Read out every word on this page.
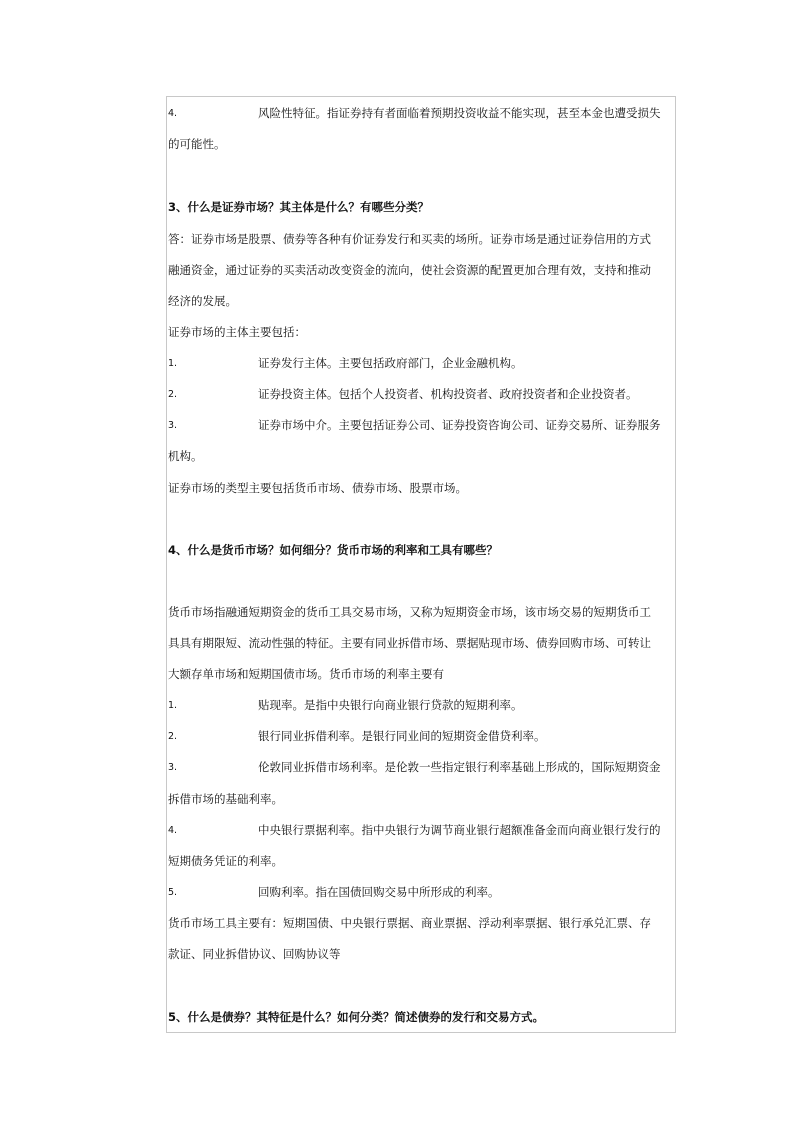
4.	风险性特征。指证券持有者面临着预期投资收益不能实现，甚至本金也遭受损失
的可能性。
3、什么是证券市场？其主体是什么？有哪些分类？
答：证券市场是股票、债券等各种有价证券发行和买卖的场所。证券市场是通过证券信用的方式
融通资金，通过证券的买卖活动改变资金的流向，使社会资源的配置更加合理有效，支持和推动
经济的发展。
证券市场的主体主要包括：
1.	证券发行主体。主要包括政府部门，企业金融机构。
2.	证券投资主体。包括个人投资者、机构投资者、政府投资者和企业投资者。
3.	证券市场中介。主要包括证券公司、证券投资咨询公司、证券交易所、证券服务
机构。
证券市场的类型主要包括货币市场、债券市场、股票市场。
4、什么是货币市场？如何细分？货币市场的利率和工具有哪些？
货币市场指融通短期资金的货币工具交易市场，又称为短期资金市场，该市场交易的短期货币工
具具有期限短、流动性强的特征。主要有同业拆借市场、票据贴现市场、债券回购市场、可转让
大额存单市场和短期国债市场。货币市场的利率主要有
1.	贴现率。是指中央银行向商业银行贷款的短期利率。
2.	银行同业拆借利率。是银行同业间的短期资金借贷利率。
3.	伦敦同业拆借市场利率。是伦敦一些指定银行利率基础上形成的，国际短期资金
拆借市场的基础利率。
4.	中央银行票据利率。指中央银行为调节商业银行超额准备金而向商业银行发行的
短期债务凭证的利率。
5.	回购利率。指在国债回购交易中所形成的利率。
货币市场工具主要有：短期国债、中央银行票据、商业票据、浮动利率票据、银行承兑汇票、存
款证、同业拆借协议、回购协议等
5、什么是债券？其特征是什么？如何分类？简述债券的发行和交易方式。
